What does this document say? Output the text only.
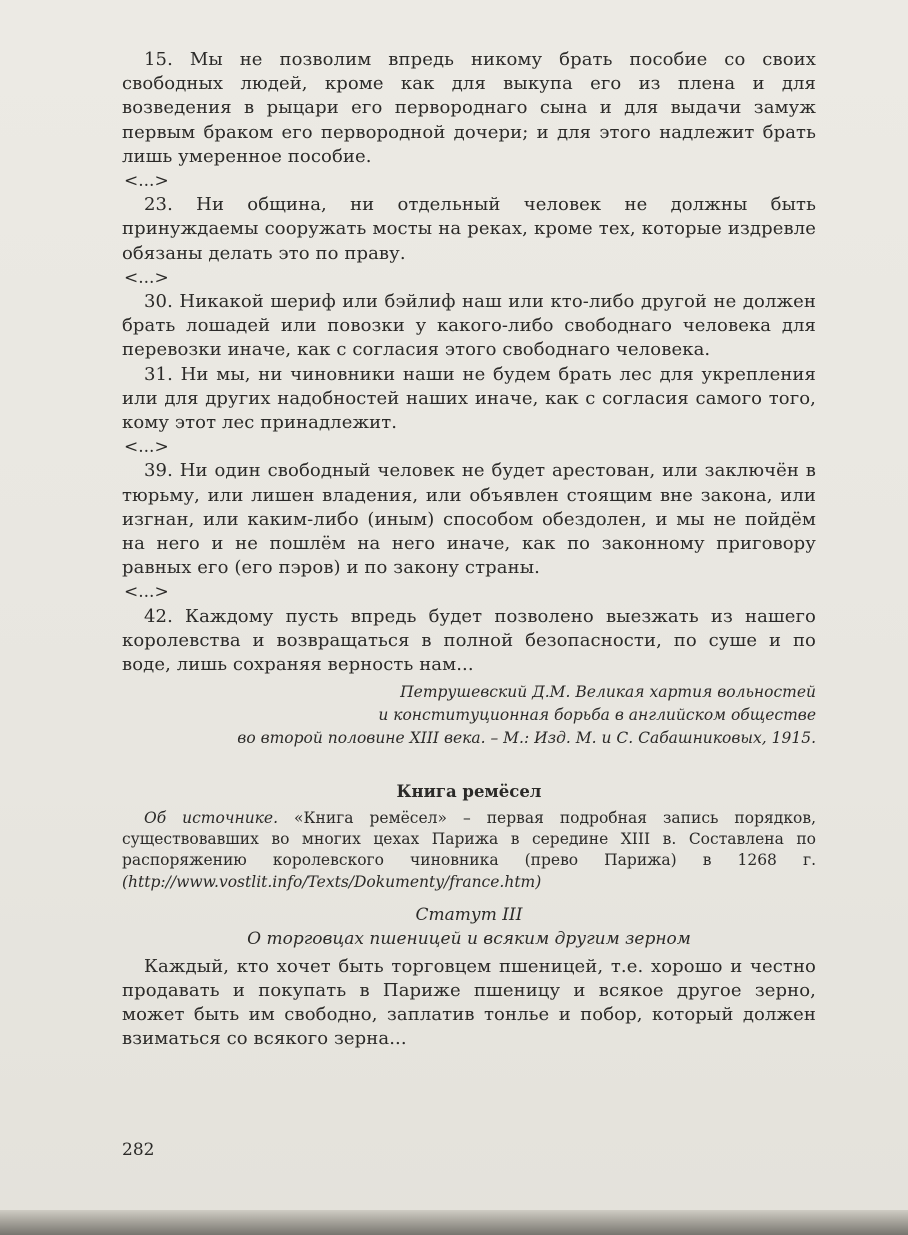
15. Мы не позволим впредь никому брать пособие со своих свободных людей, кроме как для выкупа его из плена и для возведения в рыцари его первороднаго сына и для выдачи замуж первым браком его первородной дочери; и для этого надлежит брать лишь умеренное пособие.

<...>

23. Ни община, ни отдельный человек не должны быть принуждаемы сооружать мосты на реках, кроме тех, которые издревле обязаны делать это по праву.

<...>

30. Никакой шериф или бэйлиф наш или кто-либо другой не должен брать лошадей или повозки у какого-либо свободнаго человека для перевозки иначе, как с согласия этого свободнаго человека.

31. Ни мы, ни чиновники наши не будем брать лес для укрепления или для других надобностей наших иначе, как с согласия самого того, кому этот лес принадлежит.

<...>

39. Ни один свободный человек не будет арестован, или заключён в тюрьму, или лишен владения, или объявлен стоящим вне закона, или изгнан, или каким-либо (иным) способом обездолен, и мы не пойдём на него и не пошлём на него иначе, как по законному приговору равных его (его пэров) и по закону страны.

<...>

42. Каждому пусть впредь будет позволено выезжать из нашего королевства и возвращаться в полной безопасности, по суше и по воде, лишь сохраняя верность нам...

Петрушевский Д.М. Великая хартия вольностей
и конституционная борьба в английском обществе
во второй половине XIII века. – М.: Изд. М. и С. Сабашниковых, 1915.
Книга ремёсел

Об источнике. «Книга ремёсел» – первая подробная запись порядков, существовавших во многих цехах Парижа в середине XIII в. Составлена по распоряжению королевского чиновника (прево Парижа) в 1268 г. (http://www.vostlit.info/Texts/Dokumenty/france.htm)

Статут III
О торговцах пшеницей и всяким другим зерном

Каждый, кто хочет быть торговцем пшеницей, т.е. хорошо и честно продавать и покупать в Париже пшеницу и всякое другое зерно, может быть им свободно, заплатив тонлье и побор, который должен взиматься со всякого зерна...

282
